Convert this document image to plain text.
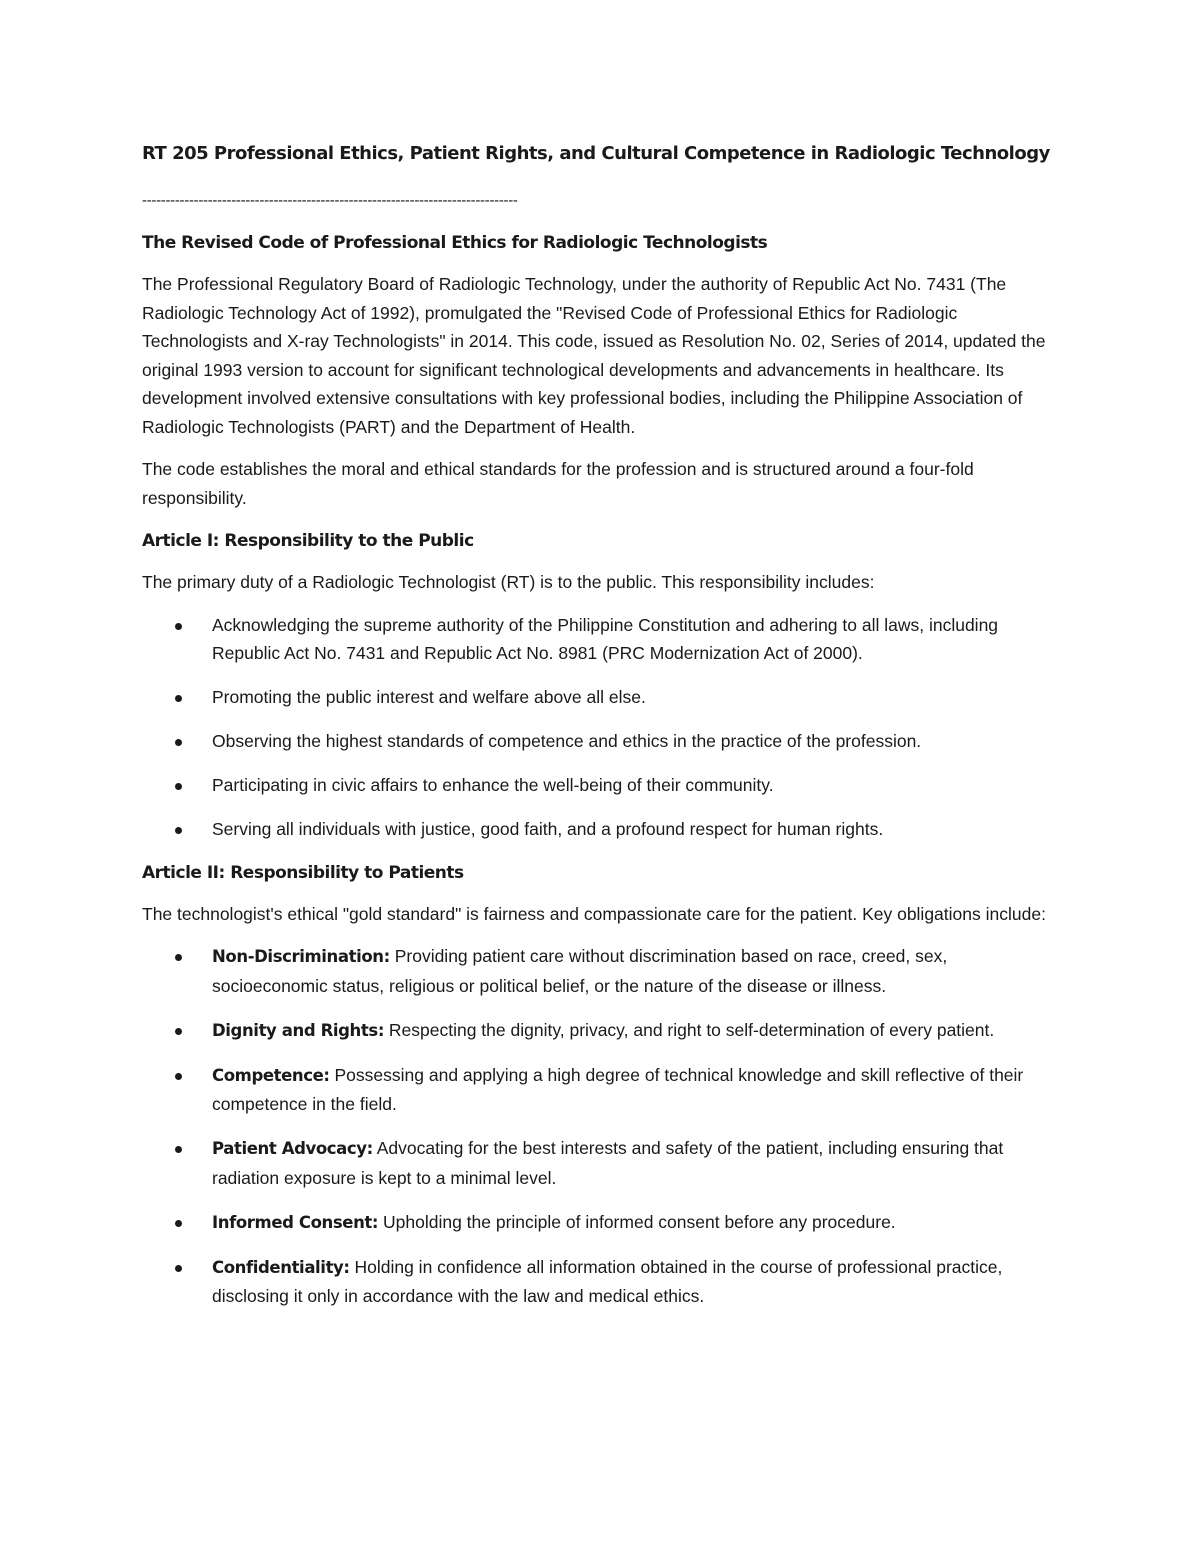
RT 205 Professional Ethics, Patient Rights, and Cultural Competence in Radiologic Technology
--------------------------------------------------------------------------------
The Revised Code of Professional Ethics for Radiologic Technologists

The Professional Regulatory Board of Radiologic Technology, under the authority of Republic Act No. 7431 (The Radiologic Technology Act of 1992), promulgated the "Revised Code of Professional Ethics for Radiologic Technologists and X-ray Technologists" in 2014. This code, issued as Resolution No. 02, Series of 2014, updated the original 1993 version to account for significant technological developments and advancements in healthcare. Its development involved extensive consultations with key professional bodies, including the Philippine Association of Radiologic Technologists (PART) and the Department of Health.

The code establishes the moral and ethical standards for the profession and is structured around a four-fold responsibility.

Article I: Responsibility to the Public

The primary duty of a Radiologic Technologist (RT) is to the public. This responsibility includes:

Acknowledging the supreme authority of the Philippine Constitution and adhering to all laws, including Republic Act No. 7431 and Republic Act No. 8981 (PRC Modernization Act of 2000).
Promoting the public interest and welfare above all else.
Observing the highest standards of competence and ethics in the practice of the profession.
Participating in civic affairs to enhance the well-being of their community.
Serving all individuals with justice, good faith, and a profound respect for human rights.
Article II: Responsibility to Patients

The technologist's ethical "gold standard" is fairness and compassionate care for the patient. Key obligations include:

Non-Discrimination: Providing patient care without discrimination based on race, creed, sex, socioeconomic status, religious or political belief, or the nature of the disease or illness.
Dignity and Rights: Respecting the dignity, privacy, and right to self-determination of every patient.
Competence: Possessing and applying a high degree of technical knowledge and skill reflective of their competence in the field.
Patient Advocacy: Advocating for the best interests and safety of the patient, including ensuring that radiation exposure is kept to a minimal level.
Informed Consent: Upholding the principle of informed consent before any procedure.
Confidentiality: Holding in confidence all information obtained in the course of professional practice, disclosing it only in accordance with the law and medical ethics.
